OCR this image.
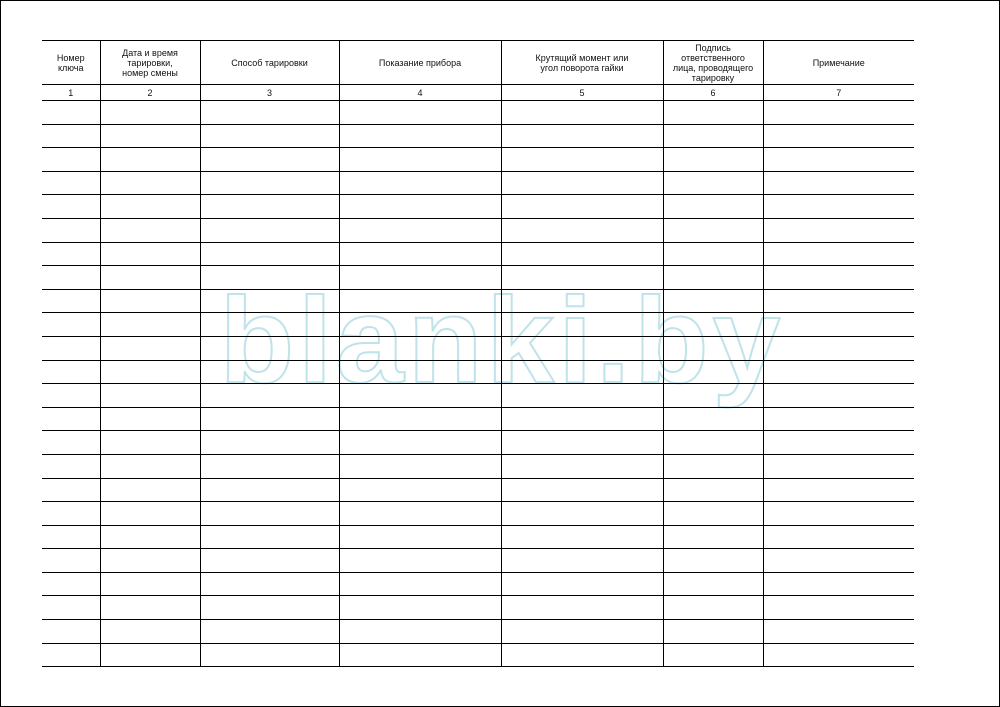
blanki.by
Номер
ключа	Дата и время
тарировки,
номер смены	Способ тарировки	Показание прибора	Крутящий момент или
угол поворота гайки	Подпись
ответственного
лица, проводящего
тарировку	Примечание

1	2	3	4	5	6	7
